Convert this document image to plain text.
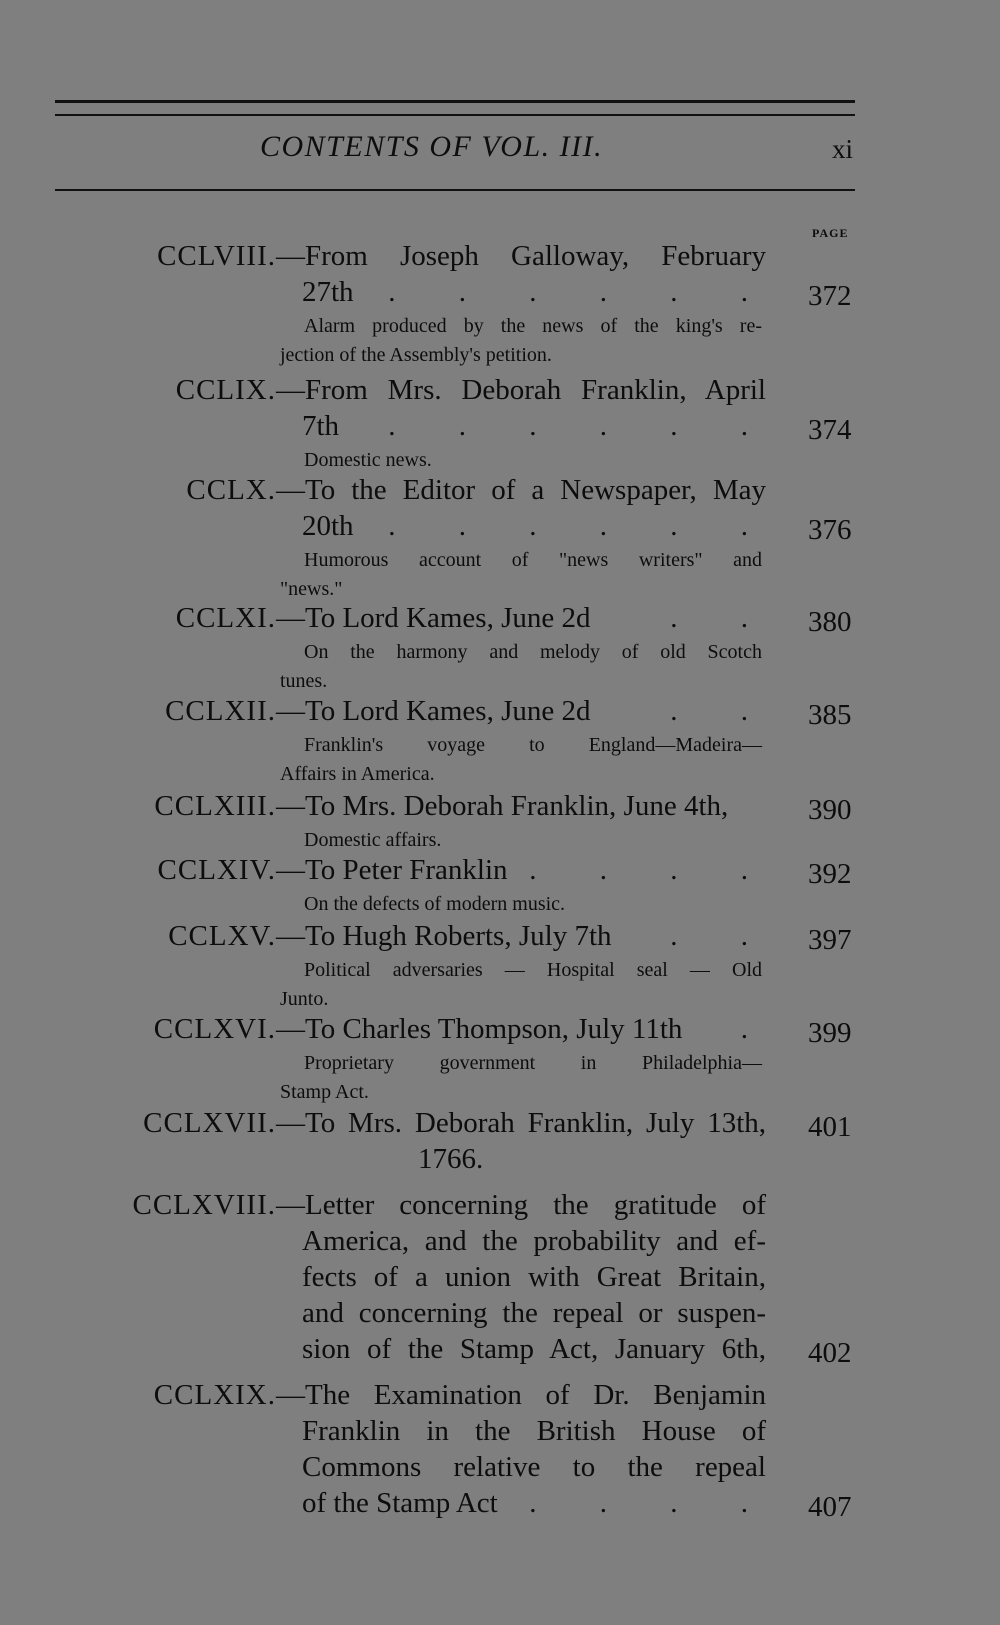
CONTENTS OF VOL. III.	xi
PAGE
CCLVIII. —From Joseph Galloway, February
27th . . . . . . 372
Alarm produced by the news of the king's re-
jection of the Assembly's petition.
CCLIX. —From Mrs. Deborah Franklin, April
7th . . . . . . 374
Domestic news.
CCLX. —To the Editor of a Newspaper, May
20th . . . . . . 376
Humorous account of "news writers" and
"news."
CCLXI. —To Lord Kames, June 2d	. . 380
On the harmony and melody of old Scotch
tunes.
CCLXII. —To Lord Kames, June 2d	. . 385
Franklin's voyage to England—Madeira—
Affairs in America.
CCLXIII. —To Mrs. Deborah Franklin, June 4th,	390
Domestic affairs.
CCLXIV. —To Peter Franklin . . . . 392
On the defects of modern music.
CCLXV. —To Hugh Roberts, July 7th . . 397
Political adversaries — Hospital seal — Old
Junto.
CCLXVI. —To Charles Thompson, July 11th . 399
Proprietary government in Philadelphia—
Stamp Act.
CCLXVII. —To Mrs. Deborah Franklin, July 13th,
1766.
401
CCLXVIII. —Letter concerning the gratitude of
America, and the probability and ef-
fects of a union with Great Britain,
and concerning the repeal or suspen-
sion of the Stamp Act, January 6th, 402
CCLXIX. —The Examination of Dr. Benjamin
Franklin in the British House of
Commons relative to the repeal
of the Stamp Act . . . . 407
